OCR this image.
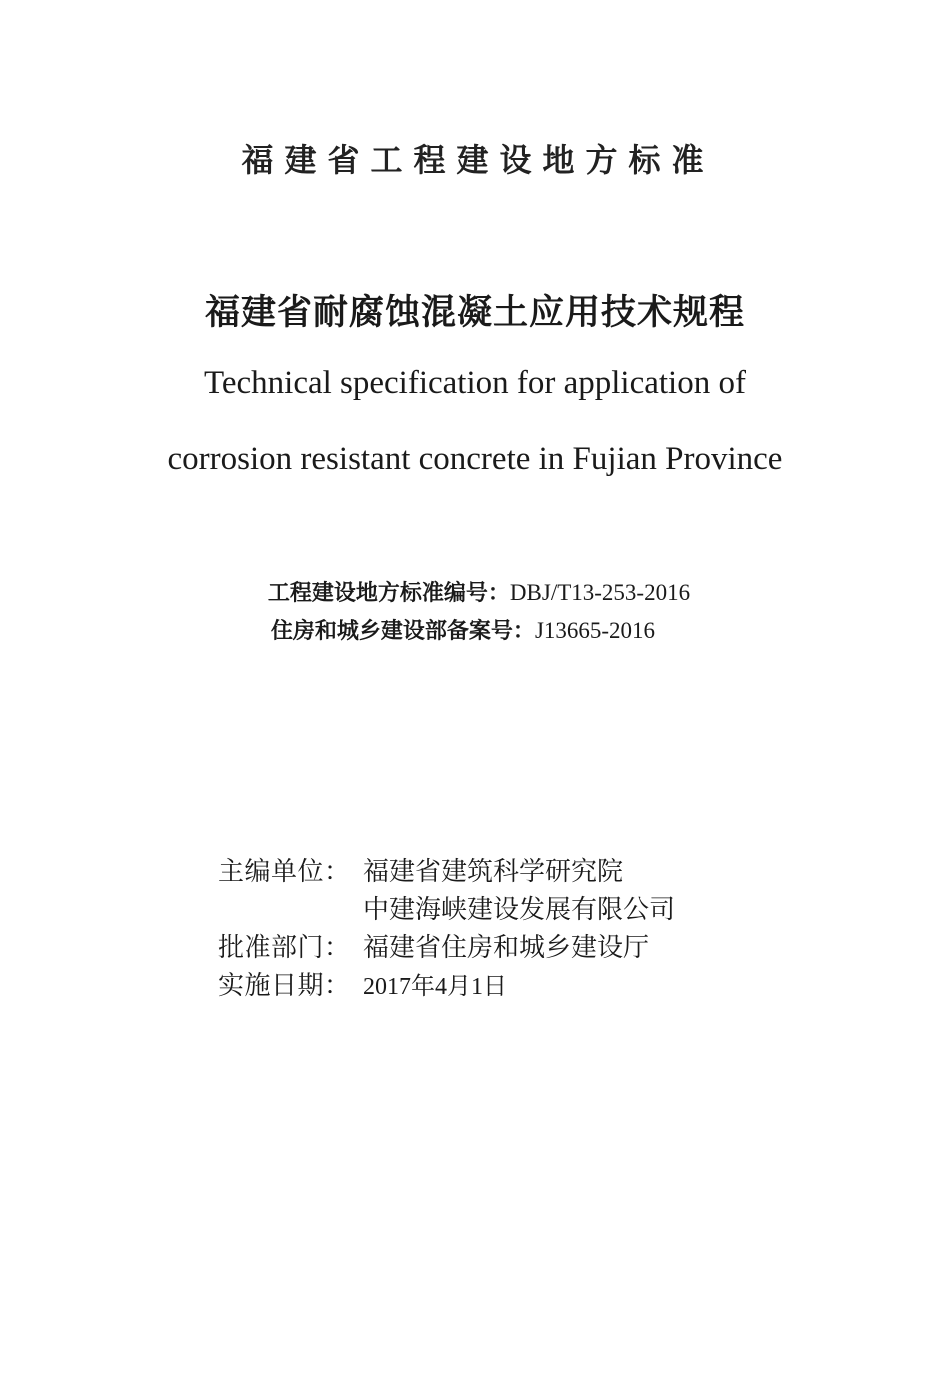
福建省工程建设地方标准
福建省耐腐蚀混凝土应用技术规程
Technical specification for application of
corrosion resistant concrete in Fujian Province
工程建设地方标准编号：DBJ/T13-253-2016
住房和城乡建设部备案号：J13665-2016
主编单位： 福建省建筑科学研究院
中建海峡建设发展有限公司
批准部门： 福建省住房和城乡建设厅
实施日期： 2017年4月1日
